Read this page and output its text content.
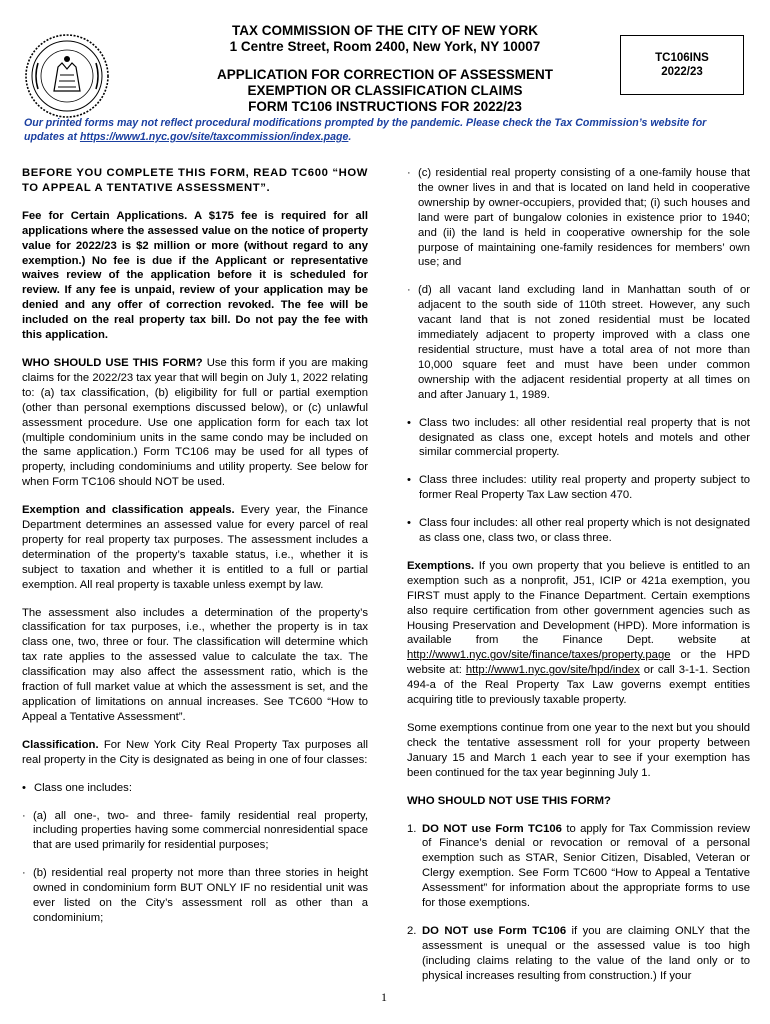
TAX COMMISSION OF THE CITY OF NEW YORK
1 Centre Street, Room 2400, New York, NY 10007
APPLICATION FOR CORRECTION OF ASSESSMENT
EXEMPTION OR CLASSIFICATION CLAIMS
FORM TC106 INSTRUCTIONS FOR 2022/23
TC106INS
2022/23
Our printed forms may not reflect procedural modifications prompted by the pandemic. Please check the Tax Commission’s website for updates at https://www1.nyc.gov/site/taxcommission/index.page.

BEFORE YOU COMPLETE THIS FORM, READ TC600 “HOW TO APPEAL A TENTATIVE ASSESSMENT”.

Fee for Certain Applications. A $175 fee is required for all applications where the assessed value on the notice of property value for 2022/23 is $2 million or more (without regard to any exemption.) No fee is due if the Applicant or representative waives review of the application before it is scheduled for review. If any fee is unpaid, review of your application may be denied and any offer of correction revoked. The fee will be included on the real property tax bill. Do not pay the fee with this application.

WHO SHOULD USE THIS FORM? Use this form if you are making claims for the 2022/23 tax year that will begin on July 1, 2022 relating to: (a) tax classification, (b) eligibility for full or partial exemption (other than personal exemptions discussed below), or (c) unlawful assessment procedure. Use one application form for each tax lot (multiple condominium units in the same condo may be included on the same application.) Form TC106 may be used for all types of property, including condominiums and utility property. See below for when Form TC106 should NOT be used.

Exemption and classification appeals. Every year, the Finance Department determines an assessed value for every parcel of real property for real property tax purposes. The assessment includes a determination of the property’s taxable status, i.e., whether it is subject to taxation and whether it is entitled to a full or partial exemption. All real property is taxable unless exempt by law.

The assessment also includes a determination of the property’s classification for tax purposes, i.e., whether the property is in tax class one, two, three or four. The classification will determine which tax rate applies to the assessed value to calculate the tax. The classification may also affect the assessment ratio, which is the fraction of full market value at which the assessment is set, and the application of limitations on annual increases. See TC600 “How to Appeal a Tentative Assessment”.

Classification. For New York City Real Property Tax purposes all real property in the City is designated as being in one of four classes:

• Class one includes:
· (a) all one-, two- and three- family residential real property, including properties having some commercial nonresidential space that are used primarily for residential purposes;
· (b) residential real property not more than three stories in height owned in condominium form BUT ONLY IF no residential unit was ever listed on the City’s assessment roll as other than a condominium;
· (c) residential real property consisting of a one-family house that the owner lives in and that is located on land held in cooperative ownership by owner-occupiers, provided that; (i) such houses and land were part of bungalow colonies in existence prior to 1940; and (ii) the land is held in cooperative ownership for the sole purpose of maintaining one-family residences for members’ own use; and
· (d) all vacant land excluding land in Manhattan south of or adjacent to the south side of 110th street. However, any such vacant land that is not zoned residential must be located immediately adjacent to property improved with a class one residential structure, must have a total area of not more than 10,000 square feet and must have been under common ownership with the adjacent residential property at all times on and after January 1, 1989.
• Class two includes: all other residential real property that is not designated as class one, except hotels and motels and other similar commercial property.
• Class three includes: utility real property and property subject to former Real Property Tax Law section 470.
• Class four includes: all other real property which is not designated as class one, class two, or class three.

Exemptions. If you own property that you believe is entitled to an exemption such as a nonprofit, J51, ICIP or 421a exemption, you FIRST must apply to the Finance Department. Certain exemptions also require certification from other government agencies such as Housing Preservation and Development (HPD). More information is available from the Finance Dept. website at http://www1.nyc.gov/site/finance/taxes/property.page or the HPD website at: http://www1.nyc.gov/site/hpd/index or call 3-1-1. Section 494-a of the Real Property Tax Law governs exempt entities acquiring title to previously taxable property.

Some exemptions continue from one year to the next but you should check the tentative assessment roll for your property between January 15 and March 1 each year to see if your exemption has been continued for the tax year beginning July 1.

WHO SHOULD NOT USE THIS FORM?

1. DO NOT use Form TC106 to apply for Tax Commission review of Finance’s denial or revocation or removal of a personal exemption such as STAR, Senior Citizen, Disabled, Veteran or Clergy exemption. See Form TC600 “How to Appeal a Tentative Assessment” for information about the appropriate forms to use for those exemptions.
2. DO NOT use Form TC106 if you are claiming ONLY that the assessment is unequal or the assessed value is too high (including claims relating to the value of the land only or to physical increases resulting from construction.) If your
1
